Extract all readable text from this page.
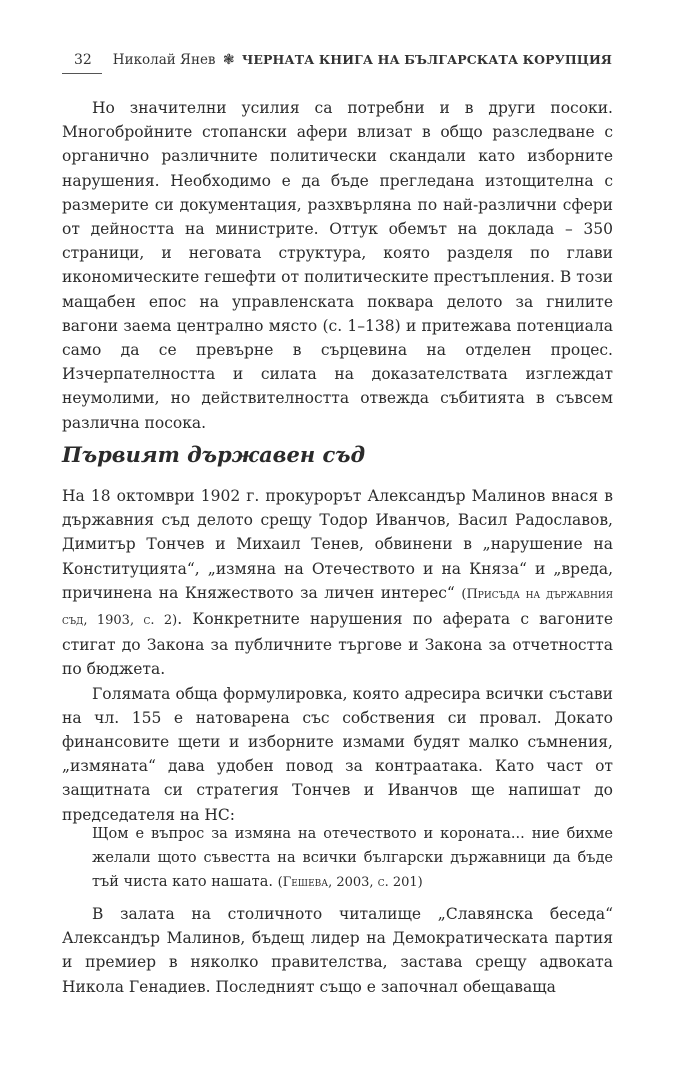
32 Николай Янев ❃ ЧЕРНАТА КНИГА НА БЪЛГАРСКАТА КОРУПЦИЯ

Но значителни усилия са потребни и в други посоки. Многобройните стопански афери влизат в общо разследване с органично различните политически скандали като изборните нарушения. Необходимо е да бъде прегледана изтощителна с размерите си документация, разхвърляна по най-различни сфери от дейността на министрите. Оттук обемът на доклада – 350 страници, и неговата структура, която разделя по глави икономическите гешефти от политическите престъпления. В този мащабен епос на управленската поквара делото за гнилите вагони заема централно място (с. 1–138) и притежава потенциала само да се превърне в сърцевина на отделен процес. Изчерпателността и силата на доказателствата изглеждат неумолими, но действителността отвежда събитията в съвсем различна посока.

Първият държавен съд

На 18 октомври 1902 г. прокурорът Александър Малинов внася в държавния съд делото срещу Тодор Иванчов, Васил Радославов, Димитър Тончев и Михаил Тенев, обвинени в „нарушение на Конституцията“, „измяна на Отечеството и на Княза“ и „вреда, причинена на Княжеството за личен интерес“ (Присъда на държавния съд, 1903, с. 2). Конкретните нарушения по аферата с вагоните стигат до Закона за публичните търгове и Закона за отчетността по бюджета.

Голямата обща формулировка, която адресира всички състави на чл. 155 е натоварена със собствения си провал. Докато финансовите щети и изборните измами будят малко съмнения, „измяната“ дава удобен повод за контраатака. Като част от защитната си стратегия Тончев и Иванчов ще напишат до председателя на НС:

Щом е въпрос за измяна на отечеството и короната... ние бихме желали щото съвестта на всички български държавници да бъде тъй чиста като нашата. (Гешева, 2003, с. 201)

В залата на столичното читалище „Славянска беседа“ Александър Малинов, бъдещ лидер на Демократическата партия и премиер в няколко правителства, застава срещу адвоката Никола Генадиев. Последният също е започнал обещаваща
